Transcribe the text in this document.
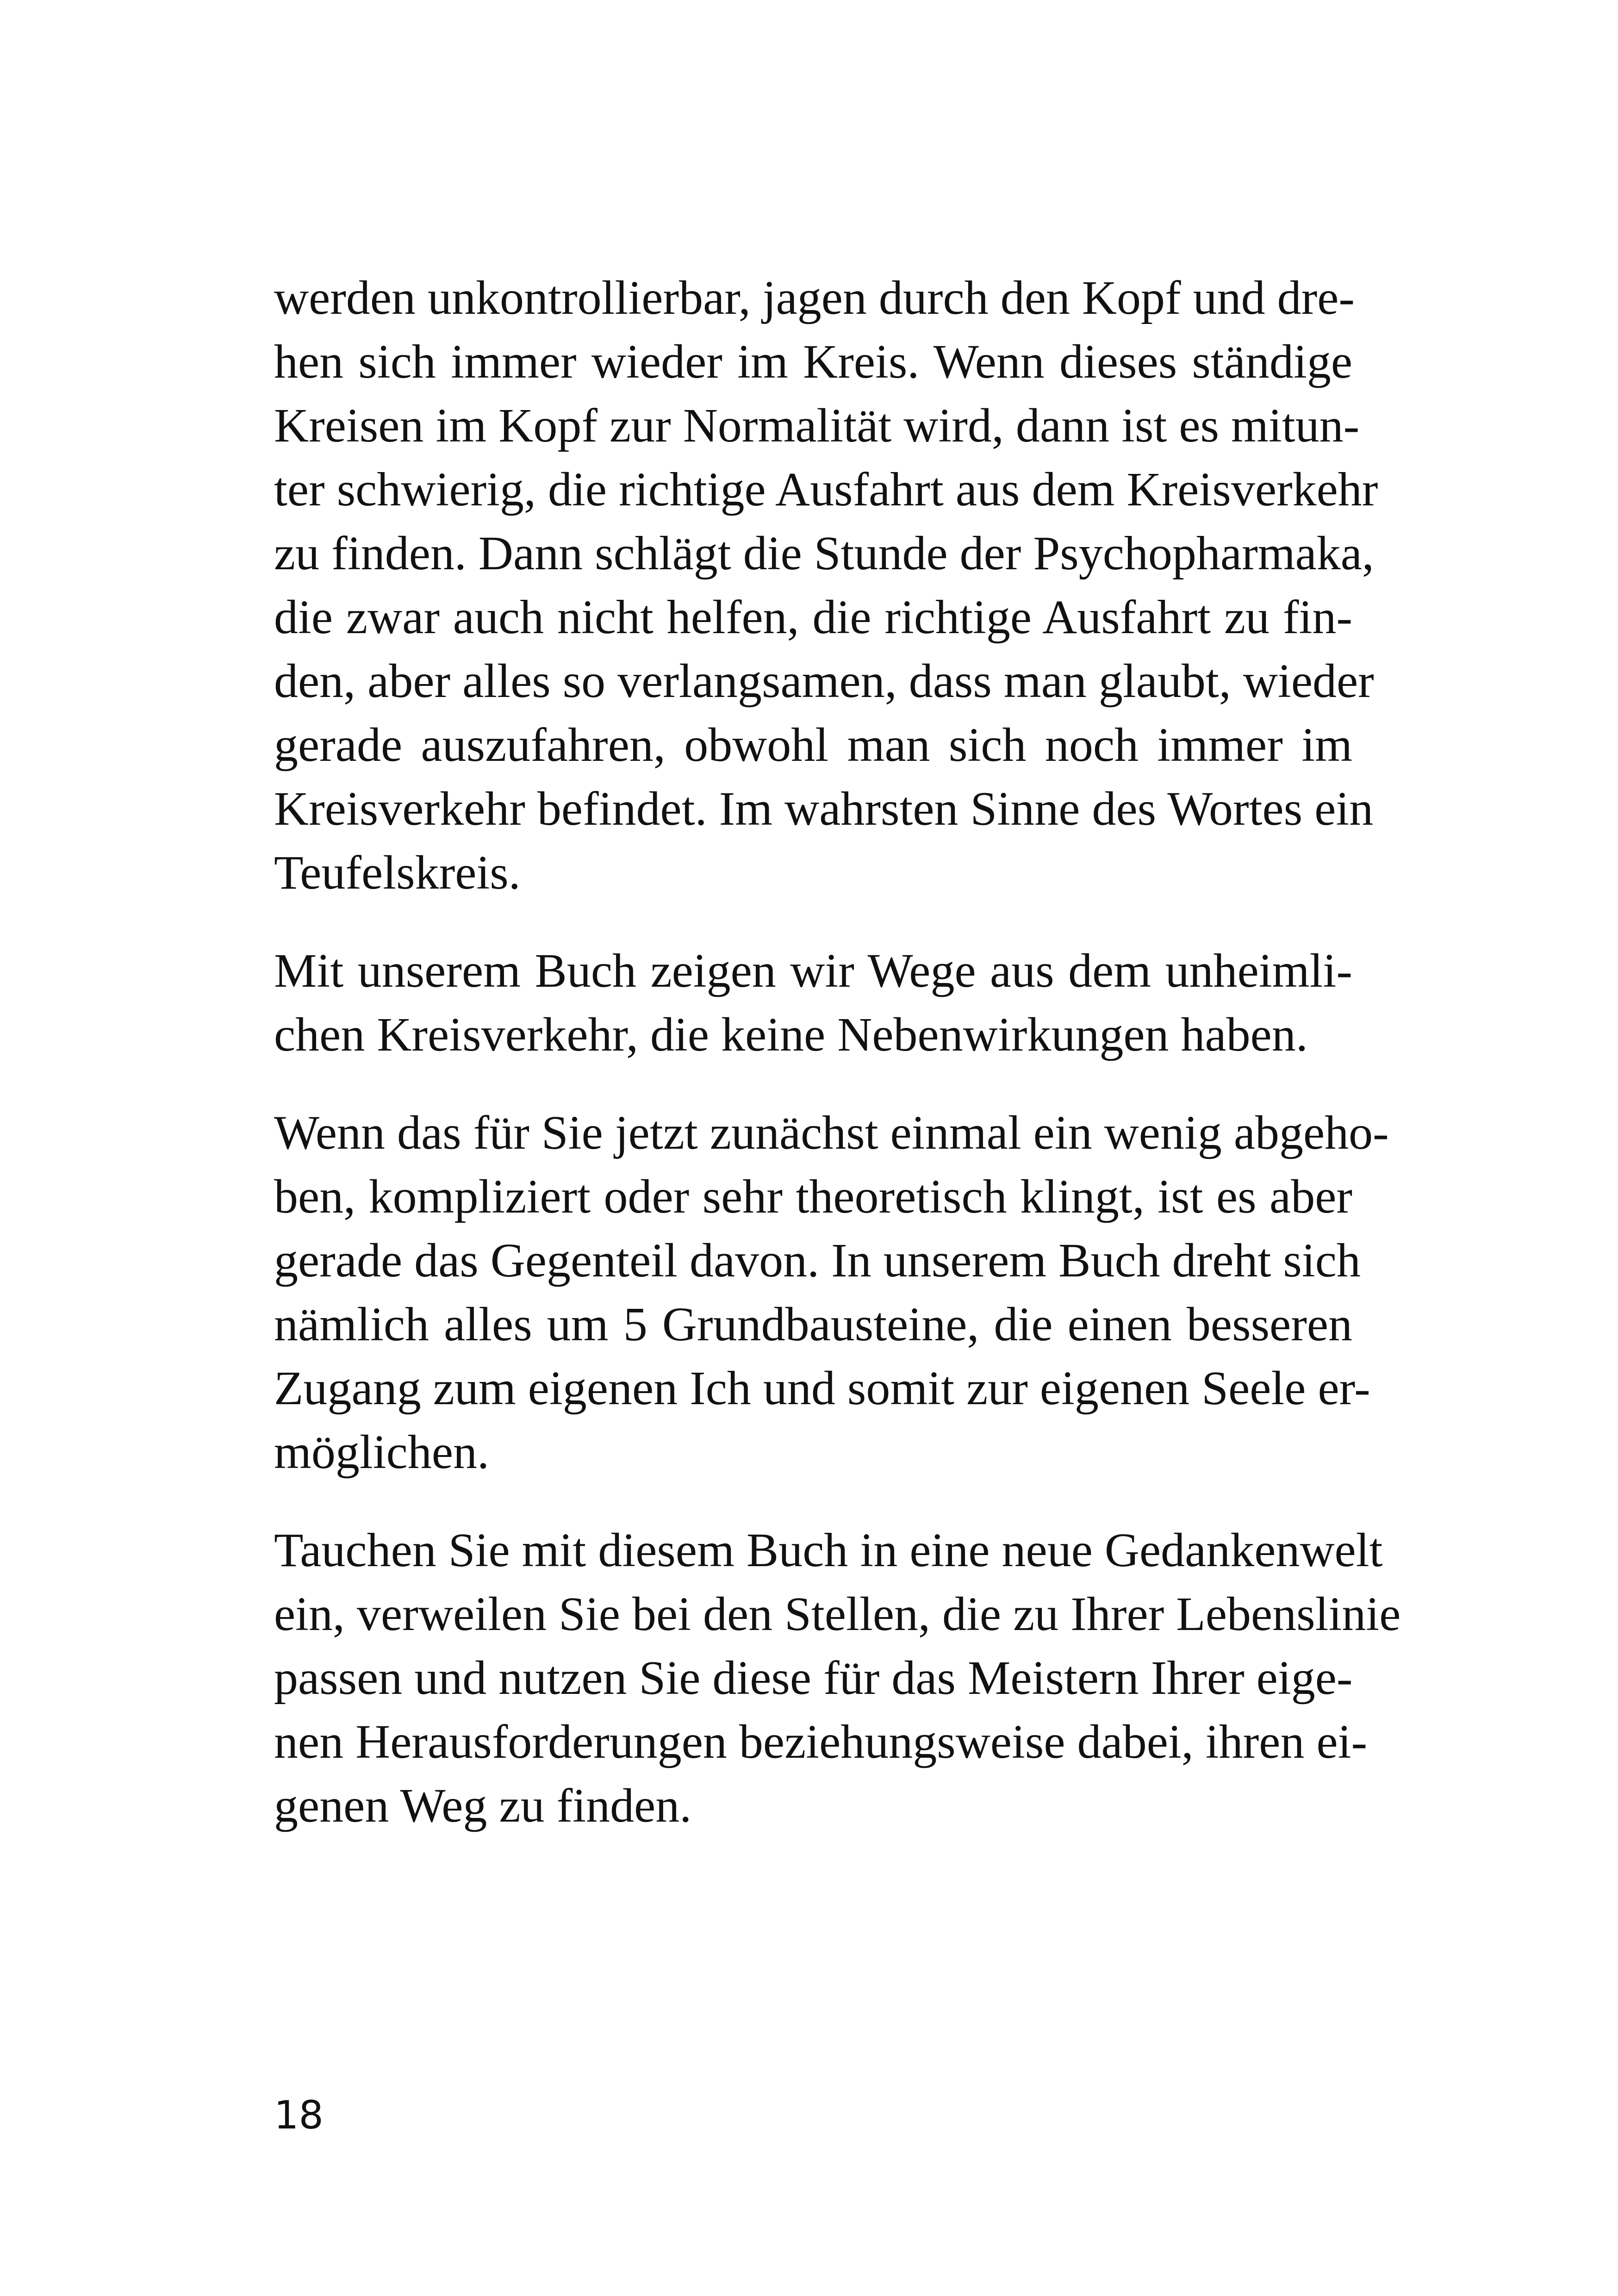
werden unkontrollierbar, jagen durch den Kopf und dre-
hen sich immer wieder im Kreis. Wenn dieses ständige
Kreisen im Kopf zur Normalität wird, dann ist es mitun-
ter schwierig, die richtige Ausfahrt aus dem Kreisverkehr
zu finden. Dann schlägt die Stunde der Psychopharmaka,
die zwar auch nicht helfen, die richtige Ausfahrt zu fin-
den, aber alles so verlangsamen, dass man glaubt, wieder
gerade auszufahren, obwohl man sich noch immer im
Kreisverkehr befindet. Im wahrsten Sinne des Wortes ein
Teufelskreis.

Mit unserem Buch zeigen wir Wege aus dem unheimli-
chen Kreisverkehr, die keine Nebenwirkungen haben.

Wenn das für Sie jetzt zunächst einmal ein wenig abgeho-
ben, kompliziert oder sehr theoretisch klingt, ist es aber
gerade das Gegenteil davon. In unserem Buch dreht sich
nämlich alles um 5 Grundbausteine, die einen besseren
Zugang zum eigenen Ich und somit zur eigenen Seele er-
möglichen.

Tauchen Sie mit diesem Buch in eine neue Gedankenwelt
ein, verweilen Sie bei den Stellen, die zu Ihrer Lebenslinie
passen und nutzen Sie diese für das Meistern Ihrer eige-
nen Herausforderungen beziehungsweise dabei, ihren ei-
genen Weg zu finden.

18
